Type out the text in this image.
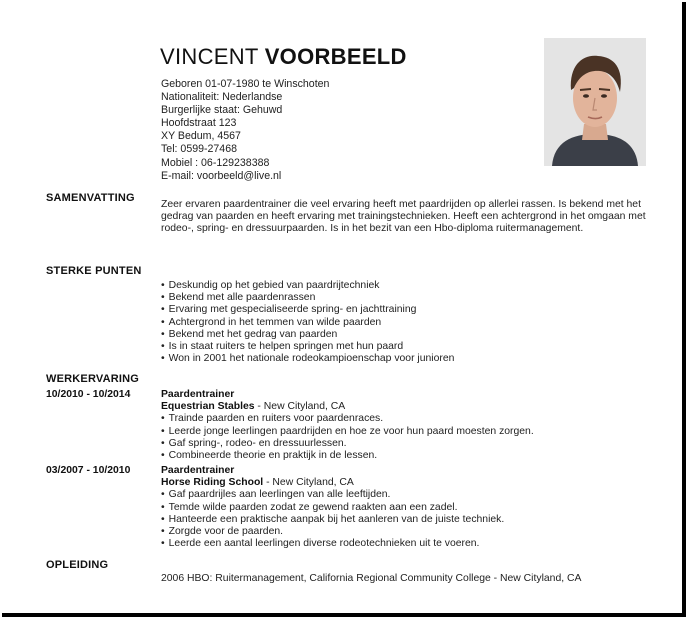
VINCENT VOORBEELD
Geboren 01-07-1980 te Winschoten
Nationaliteit: Nederlandse
Burgerlijke staat: Gehuwd
Hoofdstraat 123
XY Bedum, 4567
Tel: 0599-27468
Mobiel : 06-129238388
E-mail: voorbeeld@live.nl
SAMENVATTING
Zeer ervaren paardentrainer die veel ervaring heeft met paardrijden op allerlei rassen. Is bekend met het gedrag van paarden en heeft ervaring met trainingstechnieken. Heeft een achtergrond in het omgaan met rodeo-, spring- en dressuurpaarden. Is in het bezit van een Hbo-diploma ruitermanagement.
STERKE PUNTEN
• Deskundig op het gebied van paardrijtechniek
• Bekend met alle paardenrassen
• Ervaring met gespecialiseerde spring- en jachttraining
• Achtergrond in het temmen van wilde paarden
• Bekend met het gedrag van paarden
• Is in staat ruiters te helpen springen met hun paard
• Won in 2001 het nationale rodeokampioenschap voor junioren
WERKERVARING
10/2010 - 10/2014	Paardentrainer
Equestrian Stables - New Cityland, CA
• Trainde paarden en ruiters voor paardenraces.
• Leerde jonge leerlingen paardrijden en hoe ze voor hun paard moesten zorgen.
• Gaf spring-, rodeo- en dressuurlessen.
• Combineerde theorie en praktijk in de lessen.
03/2007 - 10/2010	Paardentrainer
Horse Riding School - New Cityland, CA
• Gaf paardrijles aan leerlingen van alle leeftijden.
• Temde wilde paarden zodat ze gewend raakten aan een zadel.
• Hanteerde een praktische aanpak bij het aanleren van de juiste techniek.
• Zorgde voor de paarden.
• Leerde een aantal leerlingen diverse rodeotechnieken uit te voeren.
OPLEIDING
2006 HBO: Ruitermanagement, California Regional Community College - New Cityland, CA
